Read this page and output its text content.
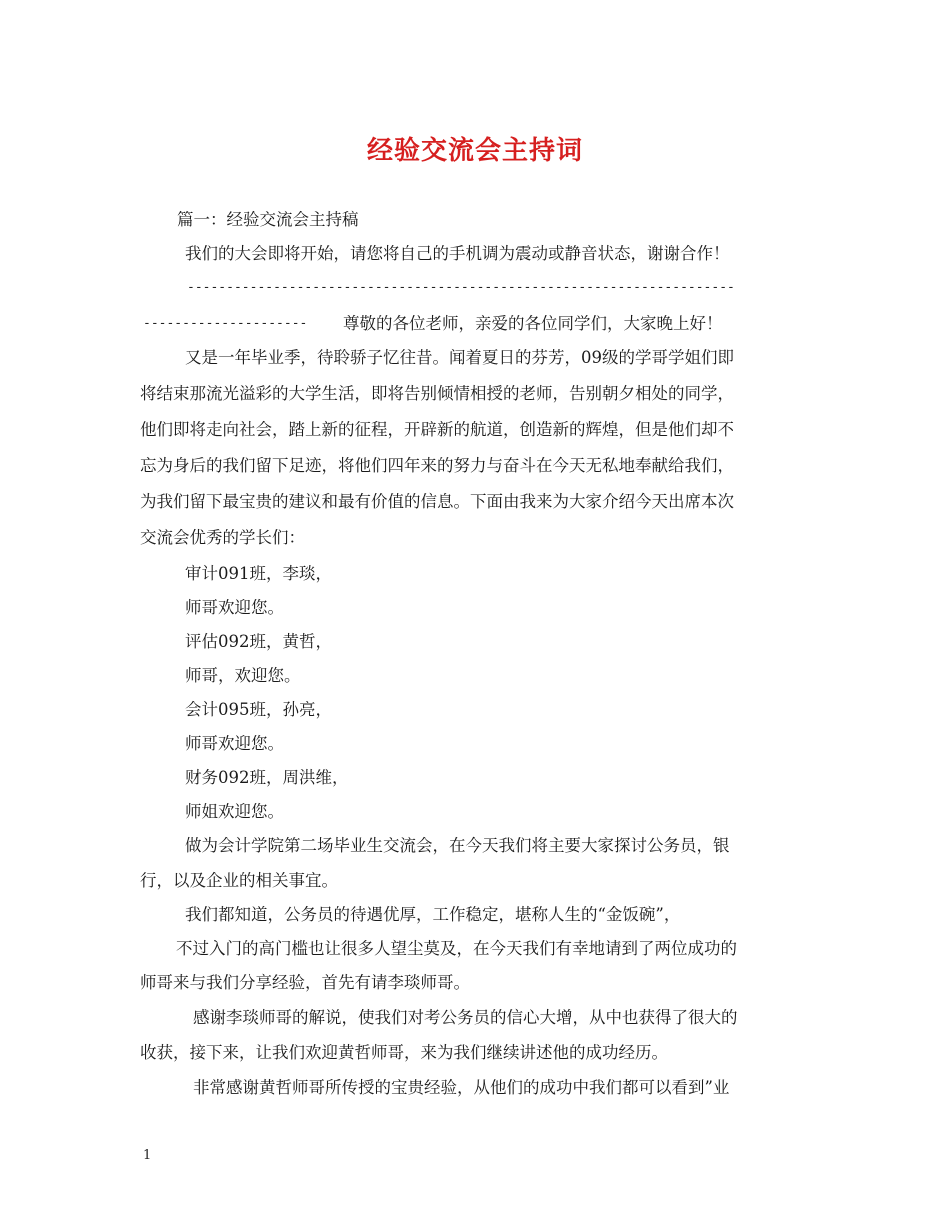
经验交流会主持词
篇一：经验交流会主持稿
我们的大会即将开始，请您将自己的手机调为震动或静音状态，谢谢合作！
----------------------------------------------------------------------
--------------------- 尊敬的各位老师，亲爱的各位同学们，大家晚上好！
又是一年毕业季，待聆骄子忆往昔。闻着夏日的芬芳，09级的学哥学姐们即
将结束那流光溢彩的大学生活，即将告别倾情相授的老师，告别朝夕相处的同学，
他们即将走向社会，踏上新的征程，开辟新的航道，创造新的辉煌，但是他们却不
忘为身后的我们留下足迹，将他们四年来的努力与奋斗在今天无私地奉献给我们，
为我们留下最宝贵的建议和最有价值的信息。下面由我来为大家介绍今天出席本次
交流会优秀的学长们：
审计091班，李琰，
师哥欢迎您。
评估092班，黄哲，
师哥，欢迎您。
会计095班，孙亮，
师哥欢迎您。
财务092班，周洪维，
师姐欢迎您。
做为会计学院第二场毕业生交流会，在今天我们将主要大家探讨公务员，银
行，以及企业的相关事宜。
我们都知道，公务员的待遇优厚，工作稳定，堪称人生的“金饭碗”，
不过入门的高门槛也让很多人望尘莫及，在今天我们有幸地请到了两位成功的
师哥来与我们分享经验，首先有请李琰师哥。
感谢李琰师哥的解说，使我们对考公务员的信心大增，从中也获得了很大的
收获，接下来，让我们欢迎黄哲师哥，来为我们继续讲述他的成功经历。
非常感谢黄哲师哥所传授的宝贵经验，从他们的成功中我们都可以看到”业
1
